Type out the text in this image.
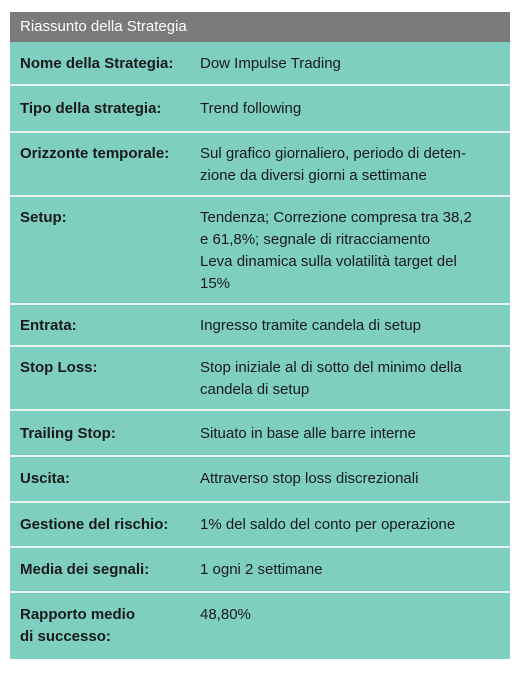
Riassunto della Strategia
Nome della Strategia:	Dow Impulse Trading
Tipo della strategia:	Trend following
Orizzonte temporale:	Sul grafico giornaliero, periodo di deten-
zione da diversi giorni a settimane
Setup:	Tendenza; Correzione compresa tra 38,2
e 61,8%; segnale di ritracciamento
Leva dinamica sulla volatilità target del
15%
Entrata:	Ingresso tramite candela di setup
Stop Loss:	Stop iniziale al di sotto del minimo della
candela di setup
Trailing Stop:	Situato in base alle barre interne
Uscita:	Attraverso stop loss discrezionali
Gestione del rischio:	1% del saldo del conto per operazione
Media dei segnali:	1 ogni 2 settimane
Rapporto medio
di successo:
48,80%
